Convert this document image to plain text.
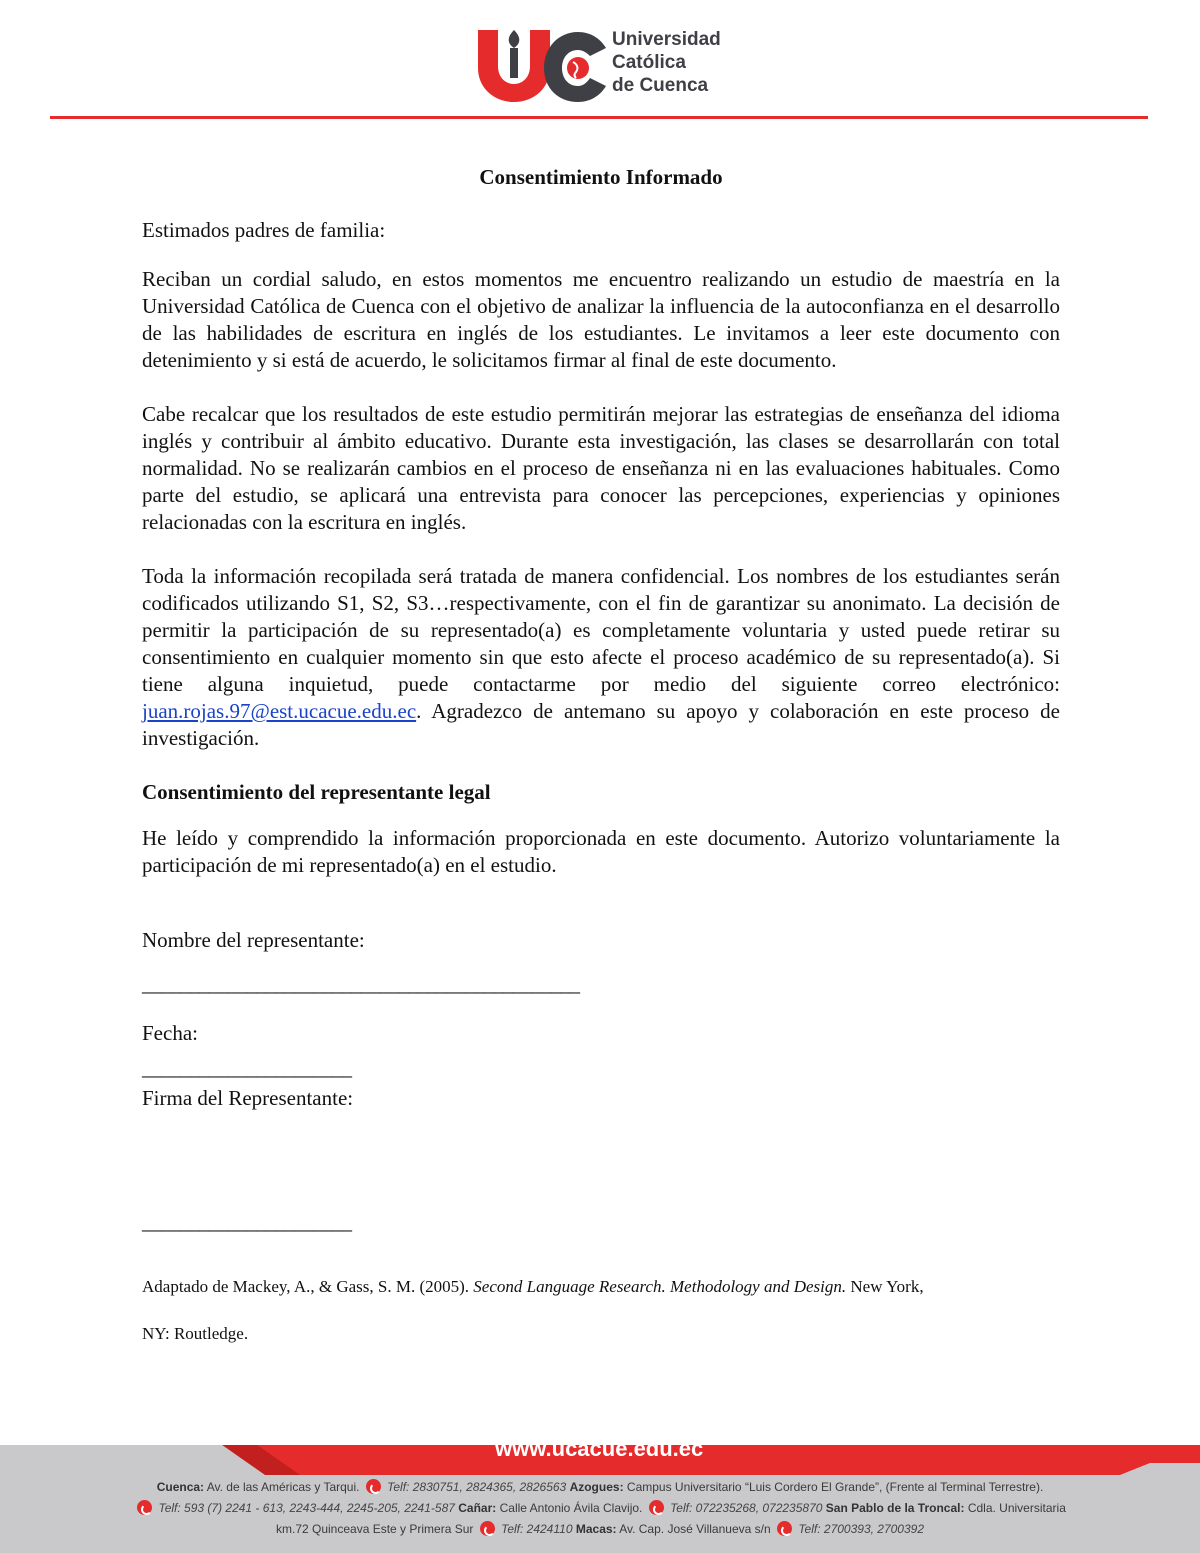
Universidad
Católica
de Cuenca

Consentimiento Informado

Estimados padres de familia:

Reciban un cordial saludo, en estos momentos me encuentro realizando un estudio de maestría en la Universidad Católica de Cuenca con el objetivo de analizar la influencia de la autoconfianza en el desarrollo de las habilidades de escritura en inglés de los estudiantes. Le invitamos a leer este documento con detenimiento y si está de acuerdo, le solicitamos firmar al final de este documento.

Cabe recalcar que los resultados de este estudio permitirán mejorar las estrategias de enseñanza del idioma inglés y contribuir al ámbito educativo. Durante esta investigación, las clases se desarrollarán con total normalidad. No se realizarán cambios en el proceso de enseñanza ni en las evaluaciones habituales. Como parte del estudio, se aplicará una entrevista para conocer las percepciones, experiencias y opiniones relacionadas con la escritura en inglés.

Toda la información recopilada será tratada de manera confidencial. Los nombres de los estudiantes serán codificados utilizando S1, S2, S3…respectivamente, con el fin de garantizar su anonimato. La decisión de permitir la participación de su representado(a) es completamente voluntaria y usted puede retirar su consentimiento en cualquier momento sin que esto afecte el proceso académico de su representado(a). Si tiene alguna inquietud, puede contactarme por medio del siguiente correo electrónico: juan.rojas.97@est.ucacue.edu.ec. Agradezco de antemano su apoyo y colaboración en este proceso de investigación.

Consentimiento del representante legal

He leído y comprendido la información proporcionada en este documento. Autorizo voluntariamente la participación de mi representado(a) en el estudio.

Nombre del representante:

______________________________________________

Fecha:

______________________

Firma del Representante:

______________________

Adaptado de Mackey, A., & Gass, S. M. (2005). Second Language Research. Methodology and Design. New York,

NY: Routledge.

www.ucacue.edu.ec
Cuenca: Av. de las Américas y Tarqui. Telf: 2830751, 2824365, 2826563 Azogues: Campus Universitario “Luis Cordero El Grande”, (Frente al Terminal Terrestre).
Telf: 593 (7) 2241 - 613, 2243-444, 2245-205, 2241-587 Cañar: Calle Antonio Ávila Clavijo. Telf: 072235268, 072235870 San Pablo de la Troncal: Cdla. Universitaria
km.72 Quinceava Este y Primera Sur Telf: 2424110 Macas: Av. Cap. José Villanueva s/n Telf: 2700393, 2700392
